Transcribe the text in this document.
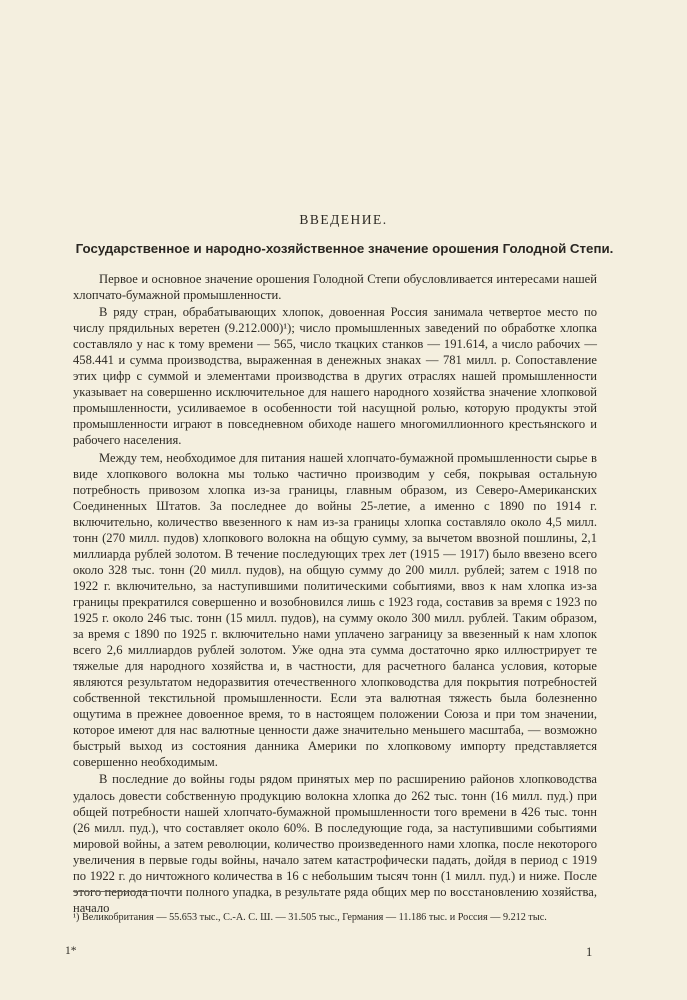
ВВЕДЕНИЕ.
Государственное и народно-хозяйственное значение орошения Голодной Степи.

Первое и основное значение орошения Голодной Степи обусловливается интересами нашей хлопчато-бумажной промышленности.

В ряду стран, обрабатывающих хлопок, довоенная Россия занимала четвертое место по числу прядильных веретен (9.212.000)¹); число промышленных заведений по обработке хлопка составляло у нас к тому времени — 565, число ткацких станков — 191.614, а число рабочих — 458.441 и сумма производства, выраженная в денежных знаках — 781 милл. р. Сопоставление этих цифр с суммой и элементами производства в других отраслях нашей промышленности указывает на совершенно исключительное для нашего народного хозяйства значение хлопковой промышленности, усиливаемое в особенности той насущной ролью, которую продукты этой промышленности играют в повседневном обиходе нашего многомиллионного крестьянского и рабочего населения.

Между тем, необходимое для питания нашей хлопчато-бумажной промышленности сырье в виде хлопкового волокна мы только частично производим у себя, покрывая остальную потребность привозом хлопка из-за границы, главным образом, из Северо-Американских Соединенных Штатов. За последнее до войны 25-летие, а именно с 1890 по 1914 г. включительно, количество ввезенного к нам из-за границы хлопка составляло около 4,5 милл. тонн (270 милл. пудов) хлопкового волокна на общую сумму, за вычетом ввозной пошлины, 2,1 миллиарда рублей золотом. В течение последующих трех лет (1915 — 1917) было ввезено всего около 328 тыс. тонн (20 милл. пудов), на общую сумму до 200 милл. рублей; затем с 1918 по 1922 г. включительно, за наступившими политическими событиями, ввоз к нам хлопка из-за границы прекратился совершенно и возобновился лишь с 1923 года, составив за время с 1923 по 1925 г. около 246 тыс. тонн (15 милл. пудов), на сумму около 300 милл. рублей. Таким образом, за время с 1890 по 1925 г. включительно нами уплачено заграницу за ввезенный к нам хлопок всего 2,6 миллиардов рублей золотом. Уже одна эта сумма достаточно ярко иллюстрирует те тяжелые для народного хозяйства и, в частности, для расчетного баланса условия, которые являются результатом недоразвития отечественного хлопководства для покрытия потребностей собственной текстильной промышленности. Если эта валютная тяжесть была болезненно ощутима в прежнее довоенное время, то в настоящем положении Союза и при том значении, которое имеют для нас валютные ценности даже значительно меньшего масштаба, — возможно быстрый выход из состояния данника Америки по хлопковому импорту представляется совершенно необходимым.

В последние до войны годы рядом принятых мер по расширению районов хлопководства удалось довести собственную продукцию волокна хлопка до 262 тыс. тонн (16 милл. пуд.) при общей потребности нашей хлопчато-бумажной промышленности того времени в 426 тыс. тонн (26 милл. пуд.), что составляет около 60%. В последующие года, за наступившими событиями мировой войны, а затем революции, количество произведенного нами хлопка, после некоторого увеличения в первые годы войны, начало затем катастрофически падать, дойдя в период с 1919 по 1922 г. до ничтожного количества в 16 с небольшим тысяч тонн (1 милл. пуд.) и ниже. После этого периода почти полного упадка, в результате ряда общих мер по восстановлению хозяйства, начало

¹) Великобритания — 55.653 тыс., С.-А. С. Ш. — 31.505 тыс., Германия — 11.186 тыс. и Россия — 9.212 тыс.
1*	1
